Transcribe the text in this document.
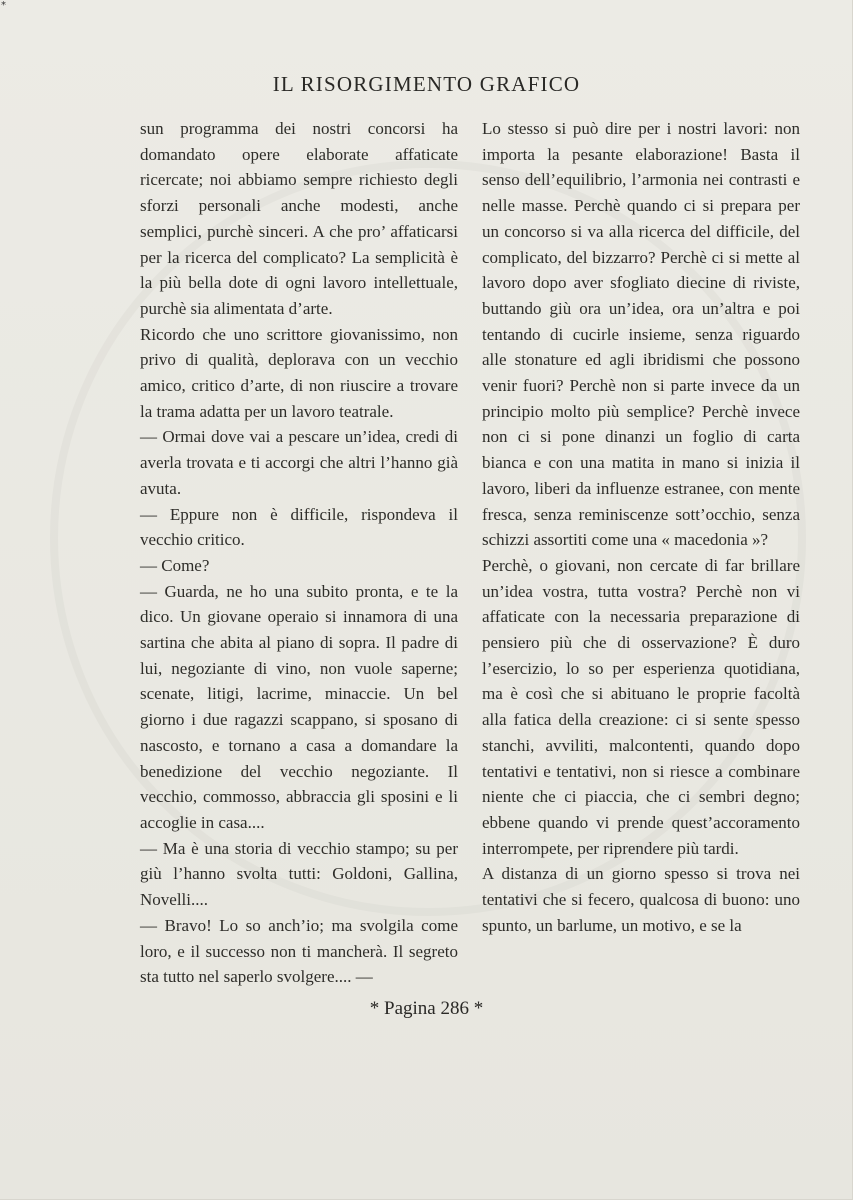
*
IL RISORGIMENTO GRAFICO

sun programma dei nostri concorsi ha domandato opere elaborate affaticate ricercate; noi abbiamo sempre richiesto degli sforzi personali anche modesti, anche semplici, purchè sinceri. A che pro’ affaticarsi per la ricerca del complicato? La semplicità è la più bella dote di ogni lavoro intellettuale, purchè sia alimentata d’arte.

Ricordo che uno scrittore giovanissimo, non privo di qualità, deplorava con un vecchio amico, critico d’arte, di non riuscire a trovare la trama adatta per un lavoro teatrale.

— Ormai dove vai a pescare un’idea, credi di averla trovata e ti accorgi che altri l’hanno già avuta.

— Eppure non è difficile, rispondeva il vecchio critico.

— Come?

— Guarda, ne ho una subito pronta, e te la dico. Un giovane operaio si innamora di una sartina che abita al piano di sopra. Il padre di lui, negoziante di vino, non vuole saperne; scenate, litigi, lacrime, minaccie. Un bel giorno i due ragazzi scappano, si sposano di nascosto, e tornano a casa a domandare la benedizione del vecchio negoziante. Il vecchio, commosso, abbraccia gli sposini e li accoglie in casa....

— Ma è una storia di vecchio stampo; su per giù l’hanno svolta tutti: Goldoni, Gallina, Novelli....

— Bravo! Lo so anch’io; ma svolgila come loro, e il successo non ti mancherà. Il segreto sta tutto nel saperlo svolgere.... —

Lo stesso si può dire per i nostri lavori: non importa la pesante elaborazione! Basta il senso dell’equilibrio, l’armonia nei contrasti e nelle masse. Perchè quando ci si prepara per un concorso si va alla ricerca del difficile, del complicato, del bizzarro? Perchè ci si mette al lavoro dopo aver sfogliato diecine di riviste, buttando giù ora un’idea, ora un’altra e poi tentando di cucirle insieme, senza riguardo alle stonature ed agli ibridismi che possono venir fuori? Perchè non si parte invece da un principio molto più semplice? Perchè invece non ci si pone dinanzi un foglio di carta bianca e con una matita in mano si inizia il lavoro, liberi da influenze estranee, con mente fresca, senza reminiscenze sott’occhio, senza schizzi assortiti come una « macedonia »?

Perchè, o giovani, non cercate di far brillare un’idea vostra, tutta vostra? Perchè non vi affaticate con la necessaria preparazione di pensiero più che di osservazione? È duro l’esercizio, lo so per esperienza quotidiana, ma è così che si abituano le proprie facoltà alla fatica della creazione: ci si sente spesso stanchi, avviliti, malcontenti, quando dopo tentativi e tentativi, non si riesce a combinare niente che ci piaccia, che ci sembri degno; ebbene quando vi prende quest’accoramento interrompete, per riprendere più tardi.

A distanza di un giorno spesso si trova nei tentativi che si fecero, qualcosa di buono: uno spunto, un barlume, un motivo, e se la

* Pagina 286 *
